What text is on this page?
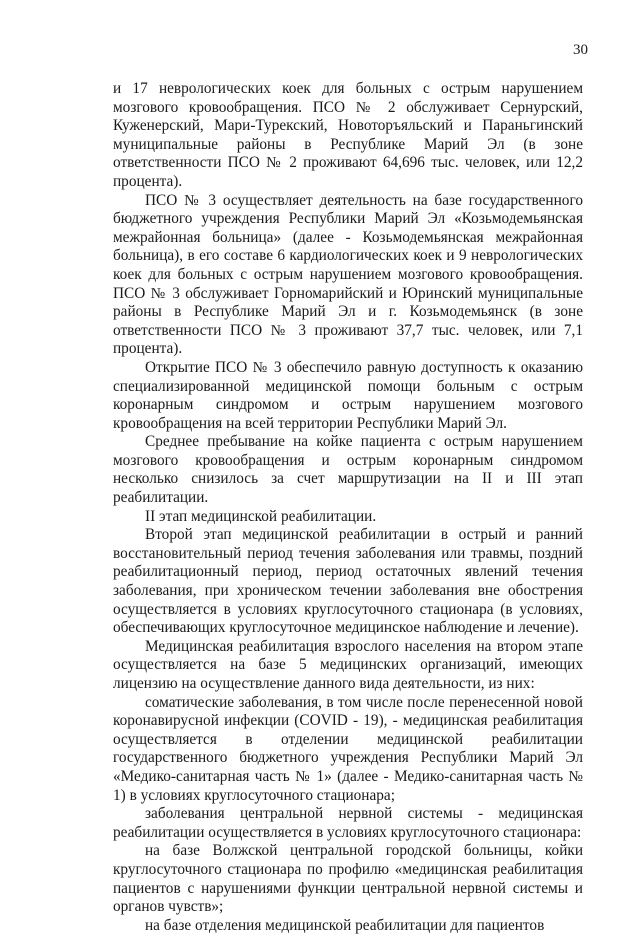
30

и 17 неврологических коек для больных с острым нарушением мозгового кровообращения. ПСО № 2 обслуживает Сернурский, Куженерский, Мари-Турекский, Новоторъяльский и Параньгинский муниципальные районы в Республике Марий Эл (в зоне ответственности ПСО № 2 проживают 64,696 тыс. человек, или 12,2 процента).

ПСО № 3 осуществляет деятельность на базе государственного бюджетного учреждения Республики Марий Эл «Козьмодемьянская межрайонная больница» (далее - Козьмодемьянская межрайонная больница), в его составе 6 кардиологических коек и 9 неврологических коек для больных с острым нарушением мозгового кровообращения. ПСО № 3 обслуживает Горномарийский и Юринский муниципальные районы в Республике Марий Эл и г. Козьмодемьянск (в зоне ответственности ПСО № 3 проживают 37,7 тыс. человек, или 7,1 процента).

Открытие ПСО № 3 обеспечило равную доступность к оказанию специализированной медицинской помощи больным с острым коронарным синдромом и острым нарушением мозгового кровообращения на всей территории Республики Марий Эл.

Среднее пребывание на койке пациента с острым нарушением мозгового кровообращения и острым коронарным синдромом несколько снизилось за счет маршрутизации на II и III этап реабилитации.

II этап медицинской реабилитации.

Второй этап медицинской реабилитации в острый и ранний восстановительный период течения заболевания или травмы, поздний реабилитационный период, период остаточных явлений течения заболевания, при хроническом течении заболевания вне обострения осуществляется в условиях круглосуточного стационара (в условиях, обеспечивающих круглосуточное медицинское наблюдение и лечение).

Медицинская реабилитация взрослого населения на втором этапе осуществляется на базе 5 медицинских организаций, имеющих лицензию на осуществление данного вида деятельности, из них:

соматические заболевания, в том числе после перенесенной новой коронавирусной инфекции (COVID - 19), - медицинская реабилитация осуществляется в отделении медицинской реабилитации государственного бюджетного учреждения Республики Марий Эл «Медико-санитарная часть № 1» (далее - Медико-санитарная часть № 1) в условиях круглосуточного стационара;

заболевания центральной нервной системы - медицинская реабилитации осуществляется в условиях круглосуточного стационара:

на базе Волжской центральной городской больницы, койки круглосуточного стационара по профилю «медицинская реабилитация пациентов с нарушениями функции центральной нервной системы и органов чувств»;

на базе отделения медицинской реабилитации для пациентов
